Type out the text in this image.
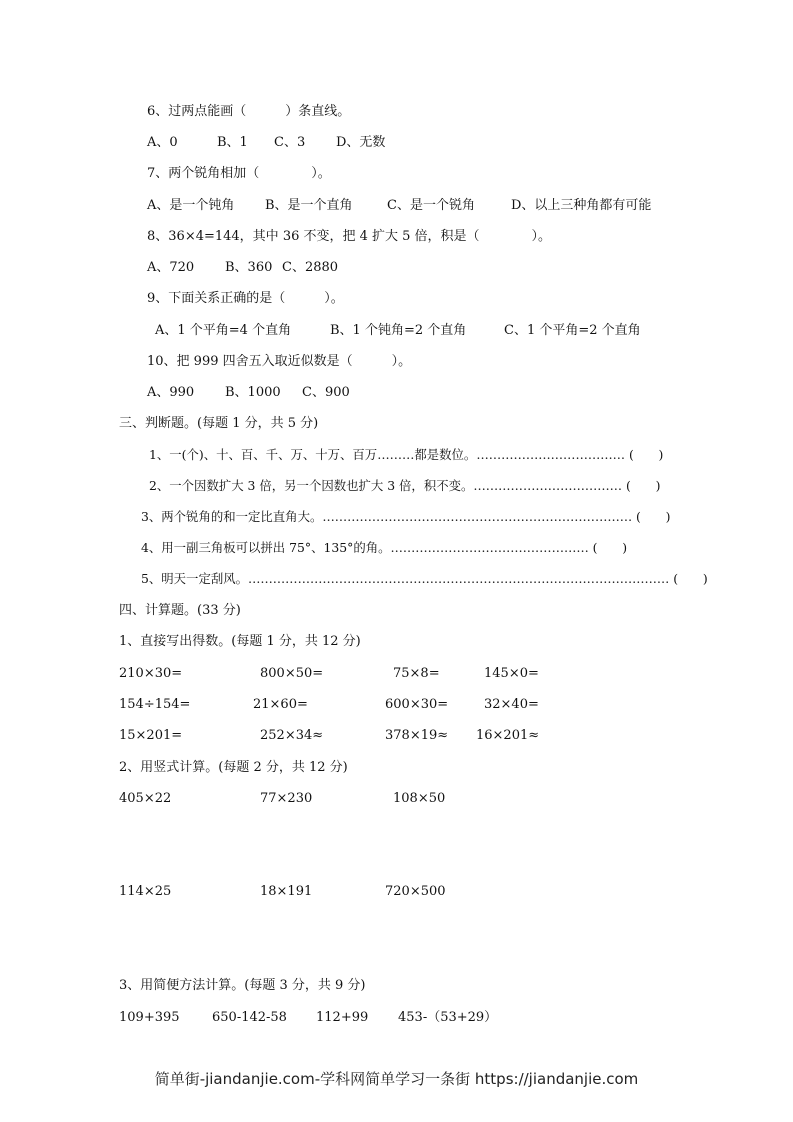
6、过两点能画（　　　）条直线。
A、0	B、1 C、3 D、无数
7、两个锐角相加（　　　　）。
A、是一个钝角 B、是一个直角	C、是一个锐角	D、以上三种角都有可能
8、36×4=144，其中 36 不变，把 4 扩大 5 倍，积是（　　　　）。
A、720 B、360 C、2880
9、下面关系正确的是（　　　）。
A、1 个平角=4 个直角	B、1 个钝角=2 个直角	C、1 个平角=2 个直角
10、把 999 四舍五入取近似数是（　　　）。
A、990 B、1000 C、900
三、判断题。(每题 1 分，共 5 分)
1、一(个)、十、百、千、万、十万、百万………都是数位。……………………………… (　　)
2、一个因数扩大 3 倍，另一个因数也扩大 3 倍，积不变。……………………………… (　　)
3、两个锐角的和一定比直角大。………………………………………………………………… (　　)
4、用一副三角板可以拼出 75°、135°的角。………………………………………… (　　)
5、明天一定刮风。………………………………………………………………………………………… (　　)
四、计算题。(33 分)
1、直接写出得数。(每题 1 分，共 12 分)
210×30=	800×50=	75×8=	145×0=
154÷154=	21×60=	600×30=	32×40=
15×201=	252×34≈	378×19≈ 16×201≈
2、用竖式计算。(每题 2 分，共 12 分)
405×22	77×230	108×50
114×25	18×191	720×500
3、用简便方法计算。(每题 3 分，共 9 分)
109+395 650-142-58 112+99 453-（53+29）
简单街-jiandanjie.com-学科网简单学习一条街 https://jiandanjie.com
